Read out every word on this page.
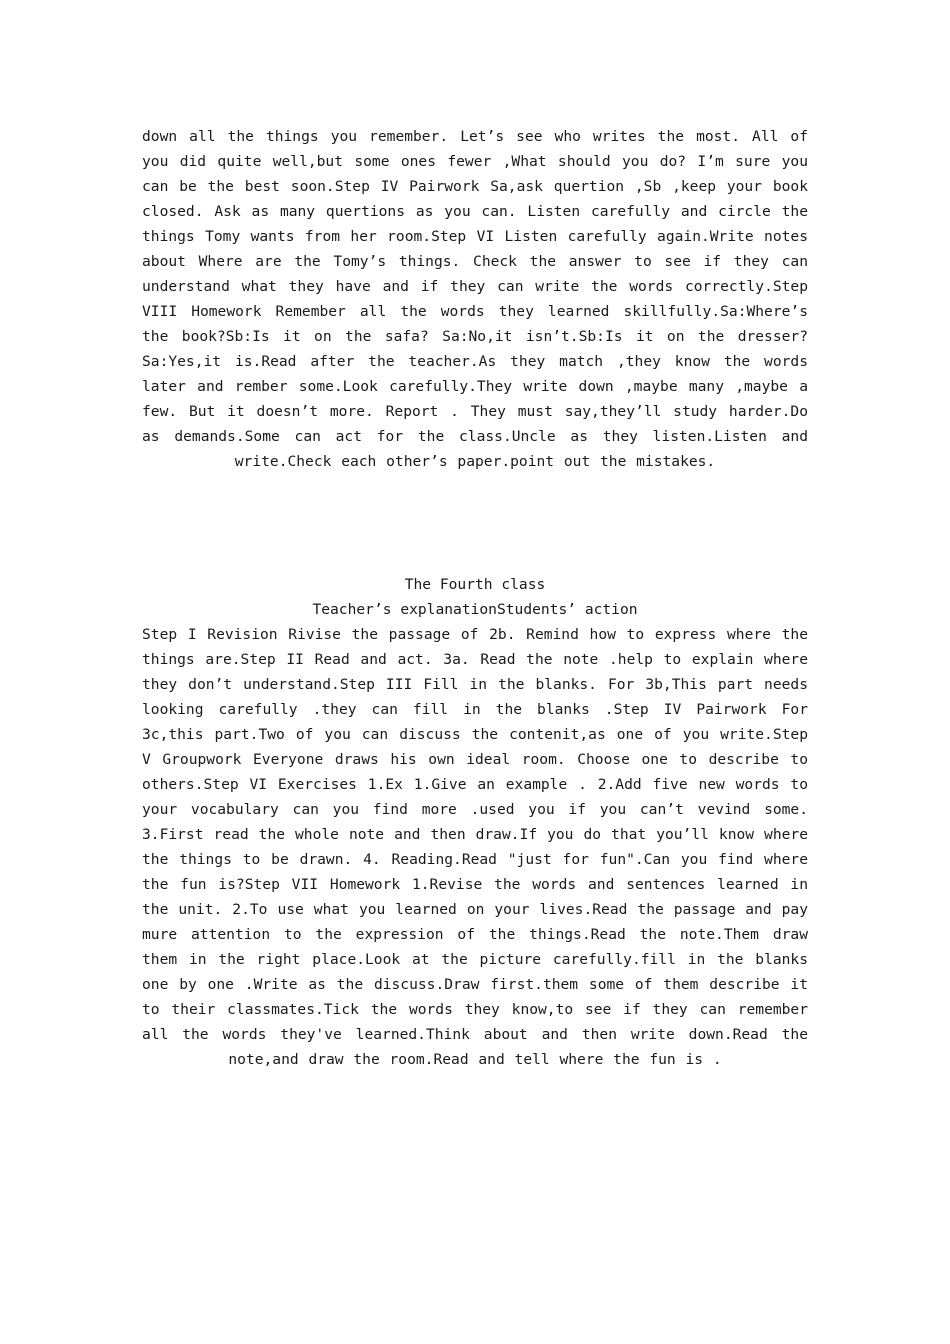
down all the things you remember. Let’s see who writes the most. All of you did quite well,but some ones fewer ,What should you do? I’m sure you can be the best soon.Step IV Pairwork Sa,ask quertion ,Sb ,keep your book closed. Ask as many quertions as you can. Listen carefully and circle the things Tomy wants from her room.Step VI Listen carefully again.Write notes about Where are the Tomy’s things. Check the answer to see if they can understand what they have and if they can write the words correctly.Step VIII Homework Remember all the words they learned skillfully.Sa:Where’s the book?Sb:Is it on the safa? Sa:No,it isn’t.Sb:Is it on the dresser?Sa:Yes,it is.Read after the teacher.As they match ,they know the words later and rember some.Look carefully.They write down ,maybe many ,maybe a few. But it doesn’t more. Report . They must say,they’ll study harder.Do as demands.Some can act for the class.Uncle as they listen.Listen and write.Check each other’s paper.point out the mistakes.

The Fourth class

Teacher’s explanationStudents’ action

Step I Revision Rivise the passage of 2b. Remind how to express where the things are.Step II Read and act. 3a. Read the note .help to explain where they don’t understand.Step III Fill in the blanks. For 3b,This part needs looking carefully .they can fill in the blanks .Step IV Pairwork For 3c,this part.Two of you can discuss the contenit,as one of you write.Step V Groupwork Everyone draws his own ideal room. Choose one to describe to others.Step VI Exercises 1.Ex 1.Give an example . 2.Add five new words to your vocabulary can you find more .used you if you can’t vevind some. 3.First read the whole note and then draw.If you do that you’ll know where the things to be drawn. 4. Reading.Read "just for fun".Can you find where the fun is?Step VII Homework 1.Revise the words and sentences learned in the unit. 2.To use what you learned on your lives.Read the passage and pay mure attention to the expression of the things.Read the note.Them draw them in the right place.Look at the picture carefully.fill in the blanks one by one .Write as the discuss.Draw first.them some of them describe it to their classmates.Tick the words they know,to see if they can remember all the words they've learned.Think about and then write down.Read the note,and draw the room.Read and tell where the fun is .
